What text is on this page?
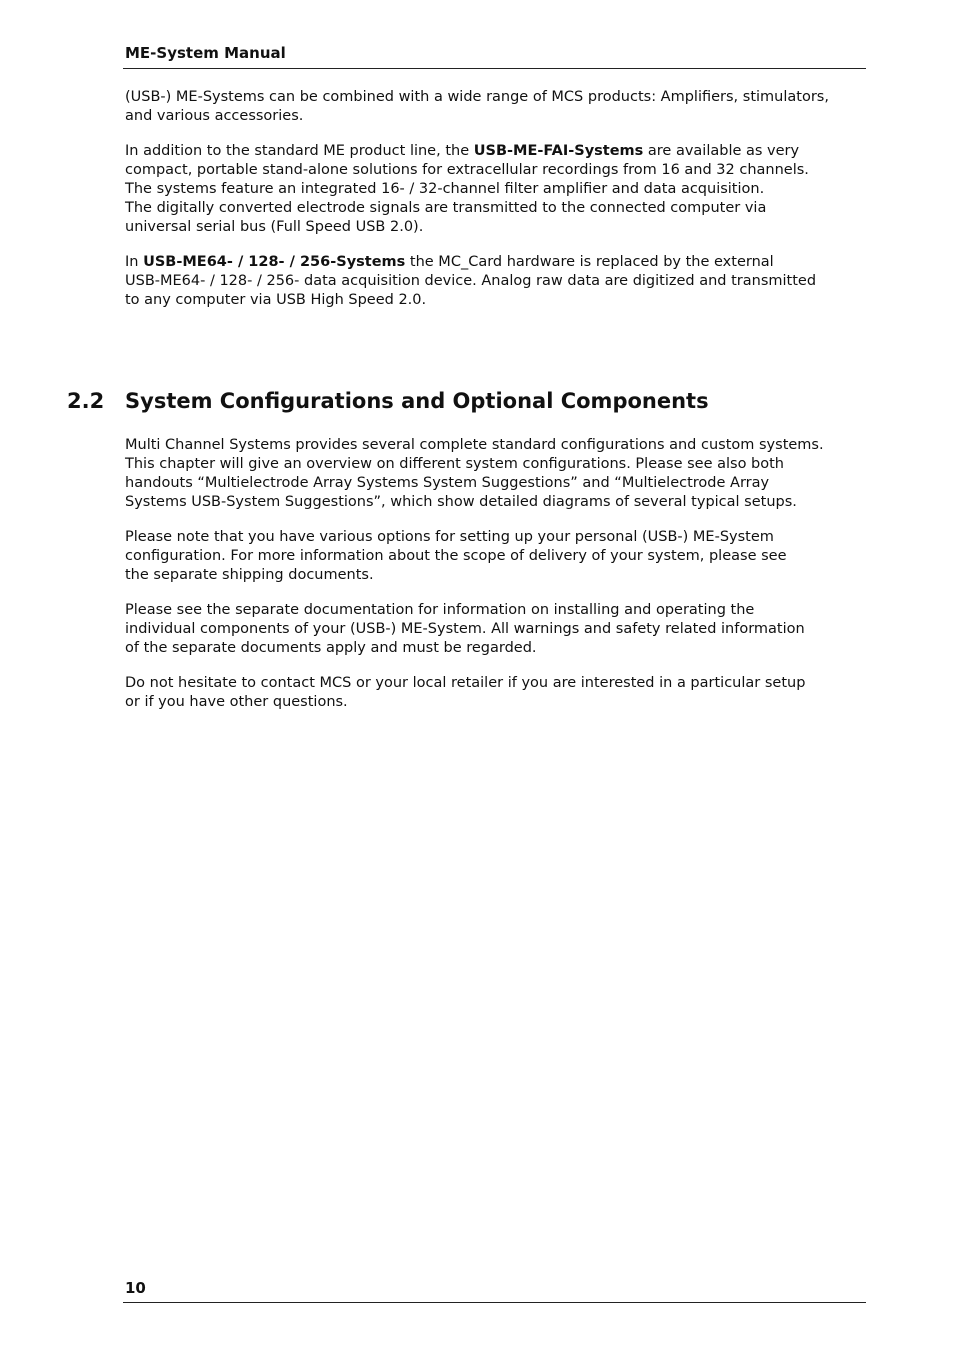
ME-System Manual

(USB-) ME-Systems can be combined with a wide range of MCS products: Amplifiers, stimulators,
and various accessories.

In addition to the standard ME product line, the USB-ME-FAI-Systems are available as very
compact, portable stand-alone solutions for extracellular recordings from 16 and 32 channels.
The systems feature an integrated 16- / 32-channel filter amplifier and data acquisition.
The digitally converted electrode signals are transmitted to the connected computer via
universal serial bus (Full Speed USB 2.0).

In USB-ME64- / 128- / 256-Systems the MC_Card hardware is replaced by the external
USB-ME64- / 128- / 256- data acquisition device. Analog raw data are digitized and transmitted
to any computer via USB High Speed 2.0.

2.2 System Configurations and Optional Components

Multi Channel Systems provides several complete standard configurations and custom systems.
This chapter will give an overview on different system configurations. Please see also both
handouts “Multielectrode Array Systems System Suggestions” and “Multielectrode Array
Systems USB-System Suggestions”, which show detailed diagrams of several typical setups.

Please note that you have various options for setting up your personal (USB-) ME-System
configuration. For more information about the scope of delivery of your system, please see
the separate shipping documents.

Please see the separate documentation for information on installing and operating the
individual components of your (USB-) ME-System. All warnings and safety related information
of the separate documents apply and must be regarded.

Do not hesitate to contact MCS or your local retailer if you are interested in a particular setup
or if you have other questions.

10
